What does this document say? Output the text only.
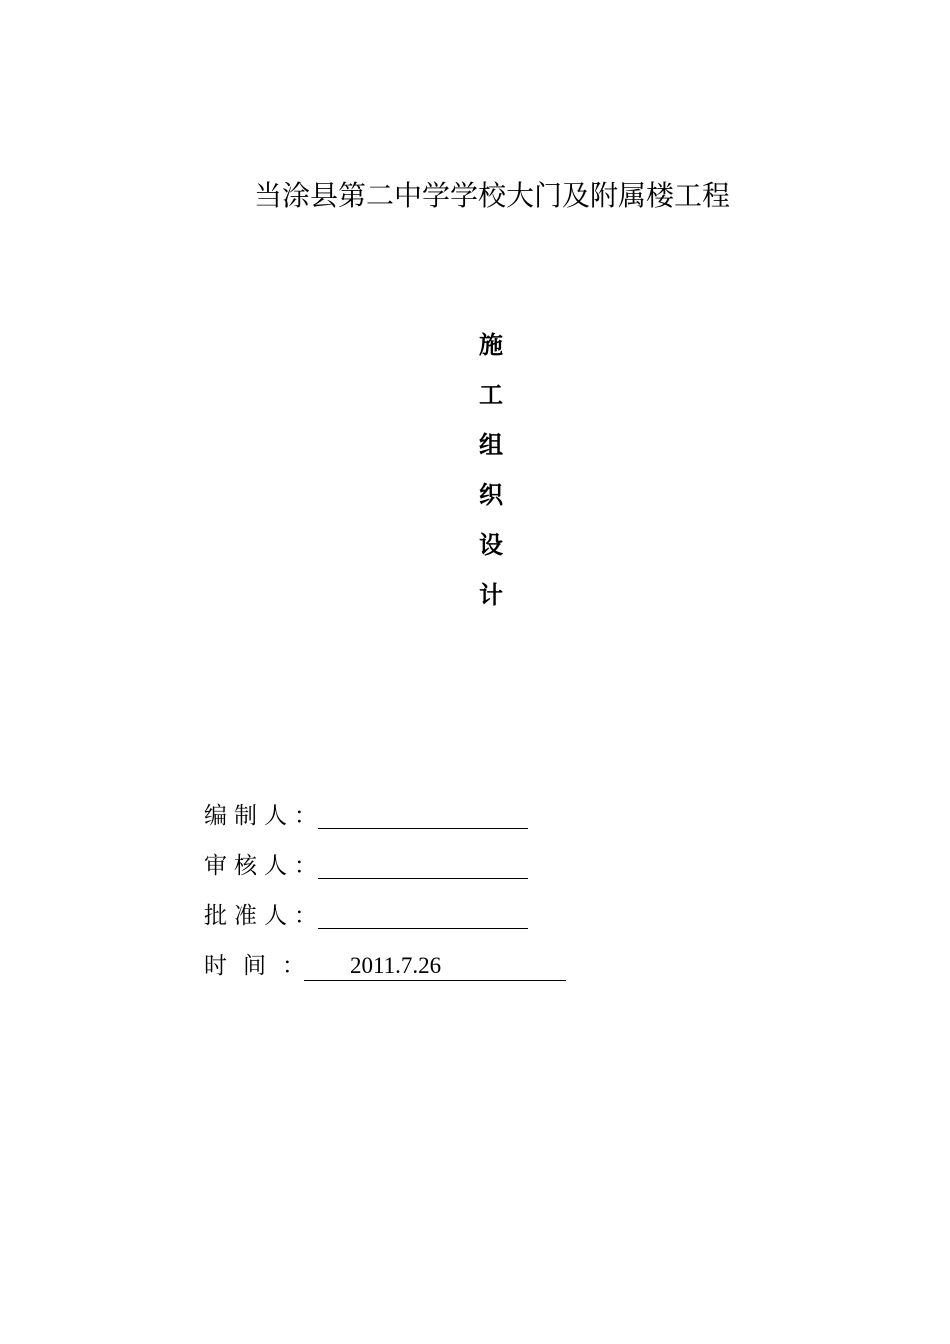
当涂县第二中学学校大门及附属楼工程
施
工
组
织
设
计
编制人：
审核人：
批准人：
时间： 2011.7.26
